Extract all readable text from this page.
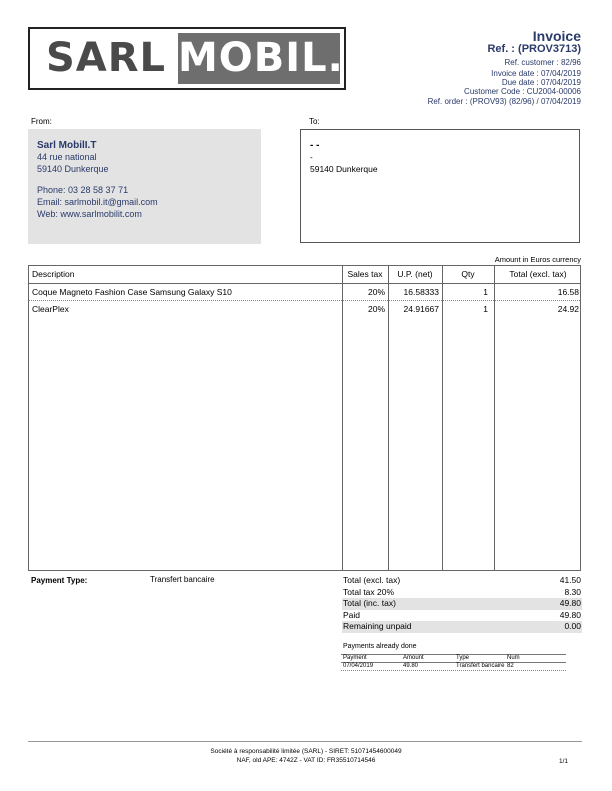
SARL MOBIL.IT	Invoice
Ref. : (PROV3713)
Ref. customer : 82/96
Invoice date : 07/04/2019
Due date : 07/04/2019
Customer Code : CU2004-00006
Ref. order : (PROV93) (82/96) / 07/04/2019
From:	To:
Sarl MobilI.T
44 rue national
59140 Dunkerque
Phone: 03 28 58 37 71
Email: sarlmobil.it@gmail.com
Web: www.sarlmobilit.com
- -
-
59140 Dunkerque
Amount in Euros currency
Description	Sales tax	U.P. (net)	Qty	Total (excl. tax)
Coque Magneto Fashion Case Samsung Galaxy S10	20%	16.58333	1	16.58
ClearPlex	20%	24.91667	1	24.92
Payment Type:	Transfert bancaire	Total (excl. tax)	41.50
Total tax 20%	8.30
Total (inc. tax)	49.80
Paid	49.80
Remaining unpaid	0.00
Payments already done
Payment	Amount	Type	Num
07/04/2019	49.80	Transfert bancaire 82
Société à responsabilité limitée (SARL) - SIRET: 51071454600049
NAF, old APE: 4742Z - VAT ID: FR35510714546	1/1
